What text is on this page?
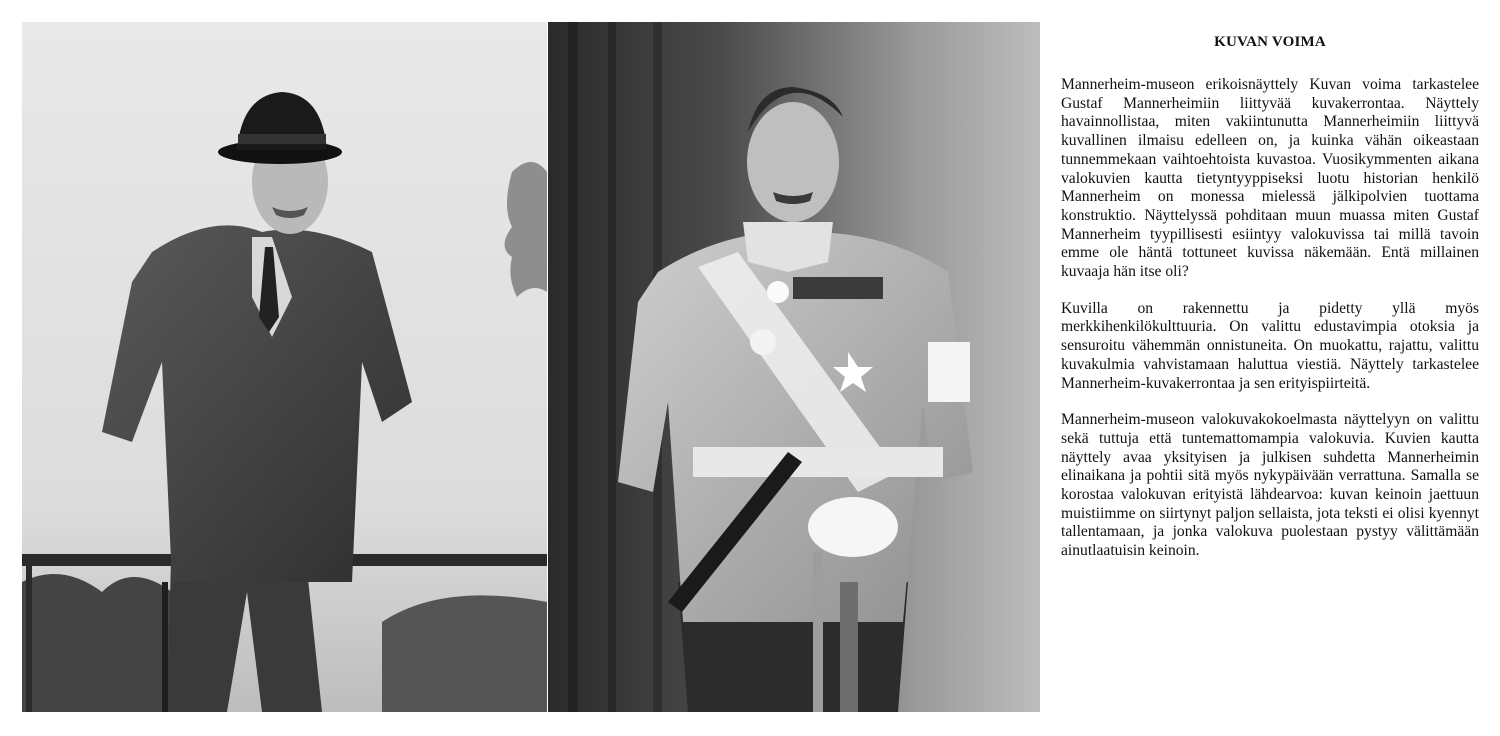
KUVAN VOIMA

Mannerheim-museon erikoisnäyttely Kuvan voima tarkastelee Gustaf Mannerheimiin liittyvää kuvakerrontaa. Näyttely havainnollistaa, miten vakiintunutta Mannerheimiin liittyvä kuvallinen ilmaisu edelleen on, ja kuinka vähän oikeastaan tunnemmekaan vaihtoehtoista kuvastoa. Vuosikymmenten aikana valokuvien kautta tietyntyyppiseksi luotu historian henkilö Mannerheim on monessa mielessä jälkipolvien tuottama konstruktio. Näyttelyssä pohditaan muun muassa miten Gustaf Mannerheim tyypillisesti esiintyy valokuvissa tai millä tavoin emme ole häntä tottuneet kuvissa näkemään. Entä millainen kuvaaja hän itse oli?

Kuvilla on rakennettu ja pidetty yllä myös merkkihenkilökulttuuria. On valittu edustavimpia otoksia ja sensuroitu vähemmän onnistuneita. On muokattu, rajattu, valittu kuvakulmia vahvistamaan haluttua viestiä. Näyttely tarkastelee Mannerheim-kuvakerrontaa ja sen erityispiirteitä.

Mannerheim-museon valokuvakokoelmasta näyttelyyn on valittu sekä tuttuja että tuntemattomampia valokuvia. Kuvien kautta näyttely avaa yksityisen ja julkisen suhdetta Mannerheimin elinaikana ja pohtii sitä myös nykypäivään verrattuna. Samalla se korostaa valokuvan erityistä lähdearvoa: kuvan keinoin jaettuun muistiimme on siirtynyt paljon sellaista, jota teksti ei olisi kyennyt tallentamaan, ja jonka valokuva puolestaan pystyy välittämään ainutlaatuisin keinoin.
